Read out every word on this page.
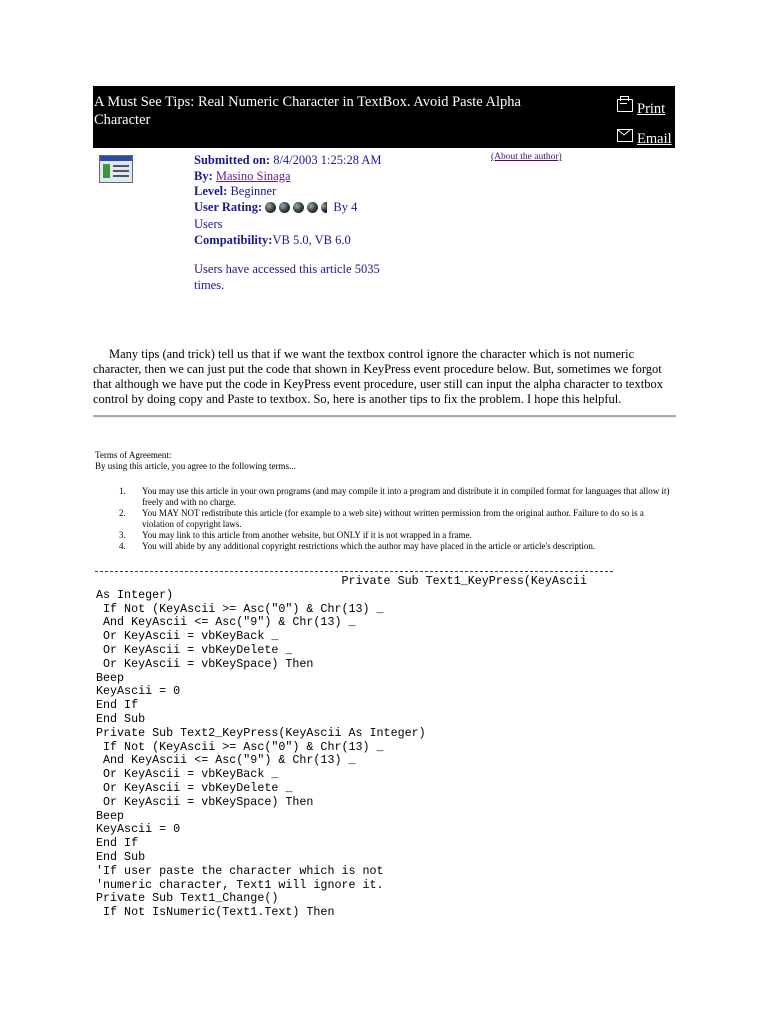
A Must See Tips: Real Numeric Character in TextBox. Avoid Paste Alpha Character
Print
Email
(About the author)

Submitted on: 8/4/2003 1:25:28 AM

By: Masino Sinaga

Level: Beginner

User Rating:	By 4 Users

Compatibility:VB 5.0, VB 6.0

Users have accessed this article 5035 times.

Many tips (and trick) tell us that if we want the textbox control ignore the character which is not numeric character, then we can just put the code that shown in KeyPress event procedure below. But, sometimes we forgot that although we have put the code in KeyPress event procedure, user still can input the alpha character to textbox control by doing copy and Paste to textbox. So, here is another tips to fix the problem. I hope this helpful.

Terms of Agreement:

By using this article, you agree to the following terms...

1. You may use this article in your own programs (and may compile it into a program and distribute it in compiled format for languages that allow it) freely and with no charge.
2. You MAY NOT redistribute this article (for example to a web site) without written permission from the original author. Failure to do so is a violation of copyright laws.
3. You may link to this article from another website, but ONLY if it is not wrapped in a frame.
4. You will abide by any additional copyright restrictions which the author may have placed in the article or article's description.
Private Sub Text1_KeyPress(KeyAscii
As Integer)
If Not (KeyAscii >= Asc("0") & Chr(13) _
And KeyAscii <= Asc("9") & Chr(13) _
Or KeyAscii = vbKeyBack _
Or KeyAscii = vbKeyDelete _
Or KeyAscii = vbKeySpace) Then
Beep
KeyAscii = 0
End If
End Sub
Private Sub Text2_KeyPress(KeyAscii As Integer)
If Not (KeyAscii >= Asc("0") & Chr(13) _
And KeyAscii <= Asc("9") & Chr(13) _
Or KeyAscii = vbKeyBack _
Or KeyAscii = vbKeyDelete _
Or KeyAscii = vbKeySpace) Then
Beep
KeyAscii = 0
End If
End Sub
'If user paste the character which is not
'numeric character, Text1 will ignore it.
Private Sub Text1_Change()
If Not IsNumeric(Text1.Text) Then
